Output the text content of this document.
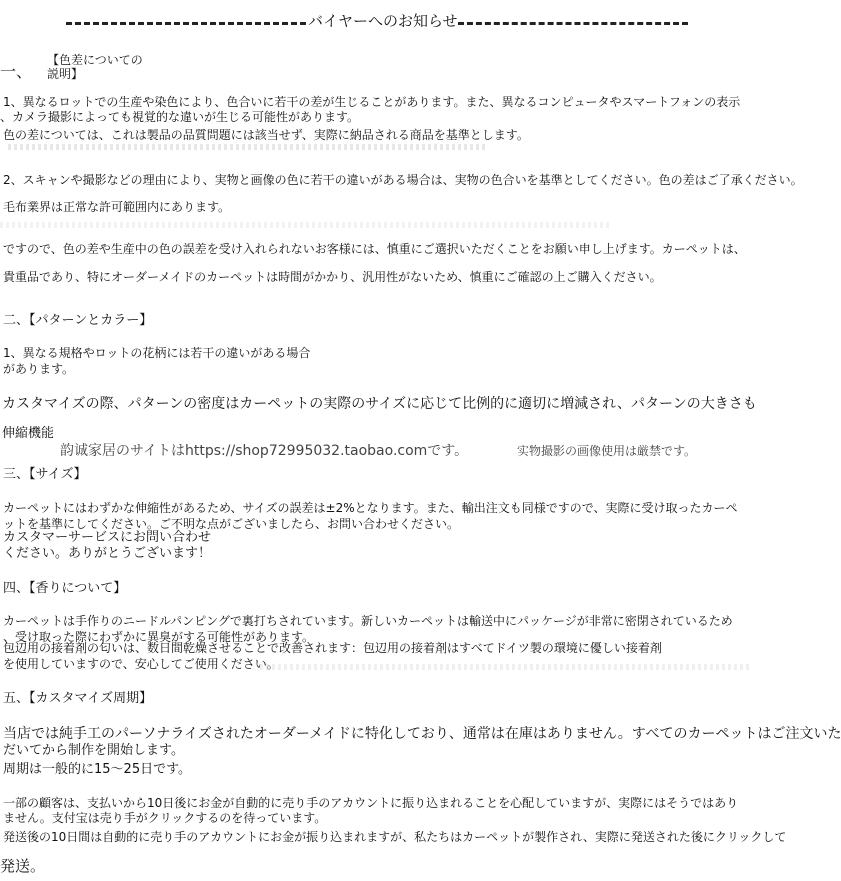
バイヤーへのお知らせ
一、
【色差についての説明】
1、異なるロットでの生産や染色により、色合いに若干の差が生じることがあります。また、異なるコンピュータやスマートフォンの表示
、カメラ撮影によっても視覚的な違いが生じる可能性があります。
色の差については、これは製品の品質問題には該当せず、実際に納品される商品を基準とします。
2、スキャンや撮影などの理由により、実物と画像の色に若干の違いがある場合は、実物の色合いを基準としてください。色の差はご了承ください。
毛布業界は正常な許可範囲内にあります。
ですので、色の差や生産中の色の誤差を受け入れられないお客様には、慎重にご選択いただくことをお願い申し上げます。カーペットは、
貴重品であり、特にオーダーメイドのカーペットは時間がかかり、汎用性がないため、慎重にご確認の上ご購入ください。
二、【パターンとカラー】
1、異なる規格やロットの花柄には若干の違いがある場合
があります。
カスタマイズの際、パターンの密度はカーペットの実際のサイズに応じて比例的に適切に増減され、パターンの大きさも
伸縮機能
韵诚家居のサイトはhttps://shop72995032.taobao.comです。	实物撮影の画像使用は厳禁です。
三、【サイズ】
カーペットにはわずかな伸縮性があるため、サイズの誤差は±2%となります。また、輸出注文も同様ですので、実際に受け取ったカーペ
ットを基準にしてください。ご不明な点がございましたら、お問い合わせください。
カスタマーサービスにお問い合わせ
ください。ありがとうございます！
四、【香りについて】
カーペットは手作りのニードルパンピングで裏打ちされています。新しいカーペットは輸送中にパッケージが非常に密閉されているため
、受け取った際にわずかに異臭がする可能性があります。
包辺用の接着剤の匂いは、数日間乾燥させることで改善されます：包辺用の接着剤はすべてドイツ製の環境に優しい接着剤
を使用していますので、安心してご使用ください。
五、【カスタマイズ周期】
当店では純手工のパーソナライズされたオーダーメイドに特化しており、通常は在庫はありません。すべてのカーペットはご注文いた
だいてから制作を開始します。
周期は一般的に15～25日です。
一部の顧客は、支払いから10日後にお金が自動的に売り手のアカウントに振り込まれることを心配していますが、実際にはそうではあり
ません。支付宝は売り手がクリックするのを待っています。
発送後の10日間は自動的に売り手のアカウントにお金が振り込まれますが、私たちはカーペットが製作され、実際に発送された後にクリックして
発送。
